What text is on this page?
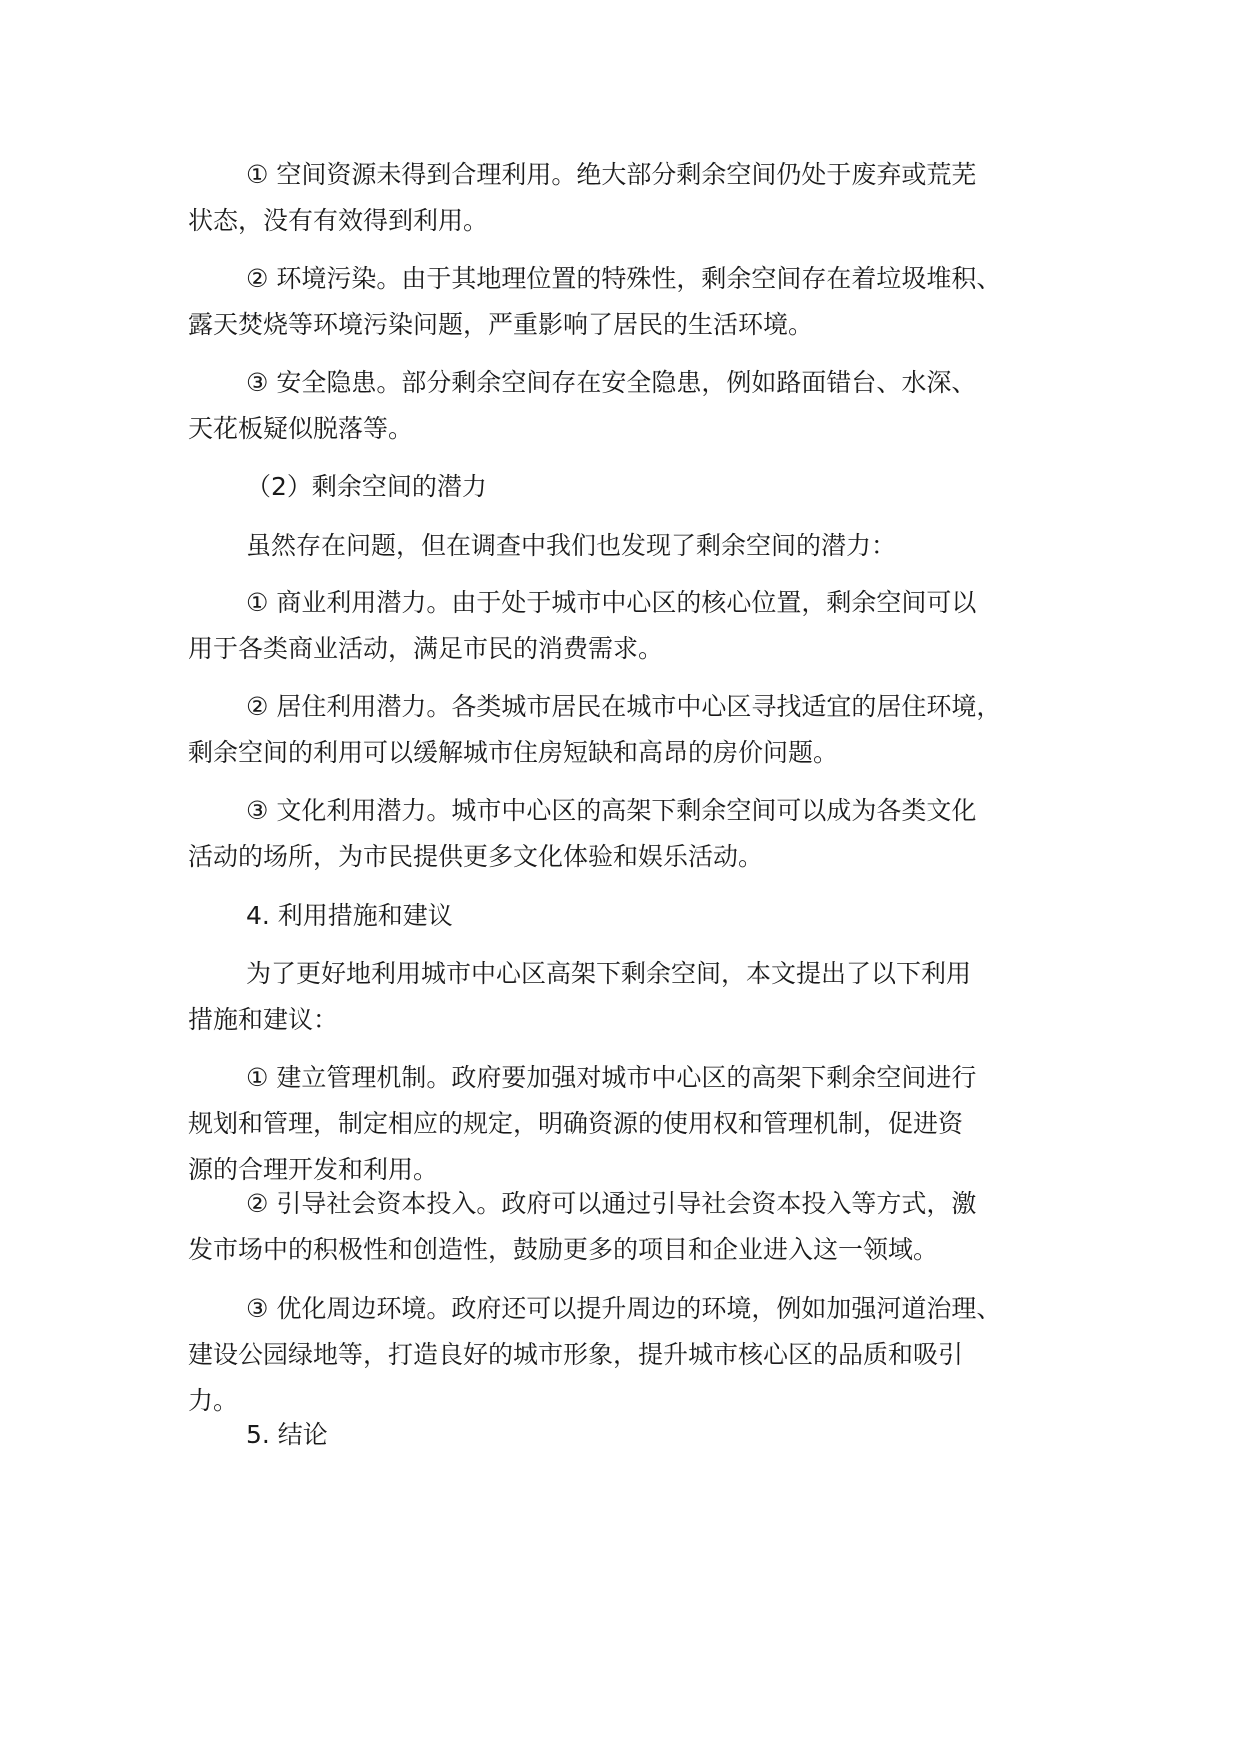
① 空间资源未得到合理利用。绝大部分剩余空间仍处于废弃或荒芜
状态，没有有效得到利用。
② 环境污染。由于其地理位置的特殊性，剩余空间存在着垃圾堆积、
露天焚烧等环境污染问题，严重影响了居民的生活环境。
③ 安全隐患。部分剩余空间存在安全隐患，例如路面错台、水深、
天花板疑似脱落等。
（2）剩余空间的潜力
虽然存在问题，但在调查中我们也发现了剩余空间的潜力：
① 商业利用潜力。由于处于城市中心区的核心位置，剩余空间可以
用于各类商业活动，满足市民的消费需求。
② 居住利用潜力。各类城市居民在城市中心区寻找适宜的居住环境，
剩余空间的利用可以缓解城市住房短缺和高昂的房价问题。
③ 文化利用潜力。城市中心区的高架下剩余空间可以成为各类文化
活动的场所，为市民提供更多文化体验和娱乐活动。
4. 利用措施和建议
为了更好地利用城市中心区高架下剩余空间，本文提出了以下利用
措施和建议：
① 建立管理机制。政府要加强对城市中心区的高架下剩余空间进行
规划和管理，制定相应的规定，明确资源的使用权和管理机制，促进资
源的合理开发和利用。
② 引导社会资本投入。政府可以通过引导社会资本投入等方式，激
发市场中的积极性和创造性，鼓励更多的项目和企业进入这一领域。
③ 优化周边环境。政府还可以提升周边的环境，例如加强河道治理、
建设公园绿地等，打造良好的城市形象，提升城市核心区的品质和吸引
力。
5. 结论
